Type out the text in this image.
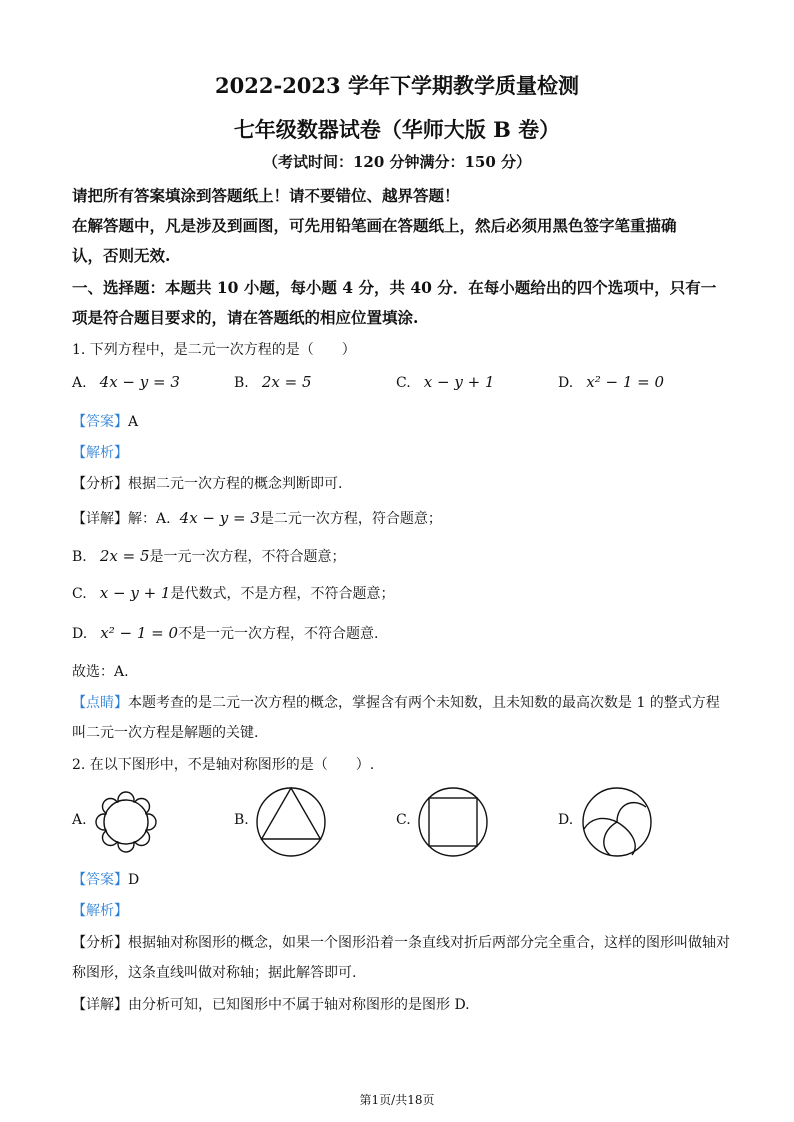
2022-2023 学年下学期教学质量检测
七年级数器试卷（华师大版 B 卷）
（考试时间：120 分钟满分：150 分）
请把所有答案填涂到答题纸上！请不要错位、越界答题！
在解答题中，凡是涉及到画图，可先用铅笔画在答题纸上，然后必须用黑色签字笔重描确
认，否则无效.
一、选择题：本题共 10 小题，每小题 4 分，共 40 分．在每小题给出的四个选项中，只有一
项是符合题目要求的，请在答题纸的相应位置填涂.
1. 下列方程中，是二元一次方程的是（　　）
A. 4x − y = 3	B. 2x = 5	C. x − y + 1	D. x² − 1 = 0
【答案】A
【解析】
【分析】根据二元一次方程的概念判断即可.
【详解】解：A. 4x − y = 3是二元一次方程，符合题意；
B. 2x = 5是一元一次方程，不符合题意；
C. x − y + 1是代数式，不是方程，不符合题意；
D. x² − 1 = 0不是一元一次方程，不符合题意.
故选：A.
【点睛】本题考查的是二元一次方程的概念，掌握含有两个未知数，且未知数的最高次数是 1 的整式方程
叫二元一次方程是解题的关键.
2. 在以下图形中，不是轴对称图形的是（　　）.
A.	B.	C.	D.
【答案】D
【解析】
【分析】根据轴对称图形的概念，如果一个图形沿着一条直线对折后两部分完全重合，这样的图形叫做轴对
称图形，这条直线叫做对称轴；据此解答即可.
【详解】由分析可知，已知图形中不属于轴对称图形的是图形 D.
第1页/共18页
